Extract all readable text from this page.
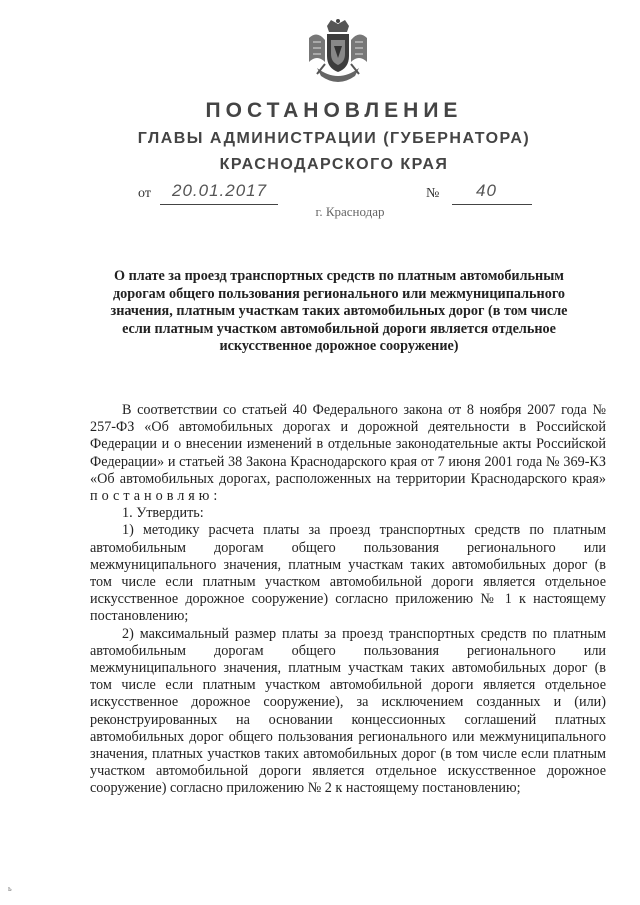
ПОСТАНОВЛЕНИЕ
ГЛАВЫ АДМИНИСТРАЦИИ (ГУБЕРНАТОРА)
КРАСНОДАРСКОГО КРАЯ
от 20.01.2017	№ 40
г. Краснодар
О плате за проезд транспортных средств по платным автомобильным дорогам общего пользования регионального или межмуниципального значения, платным участкам таких автомобильных дорог (в том числе если платным участком автомобильной дороги является отдельное искусственное дорожное сооружение)

В соответствии со статьей 40 Федерального закона от 8 ноября 2007 года № 257-ФЗ «Об автомобильных дорогах и дорожной деятельности в Российской Федерации и о внесении изменений в отдельные законодательные акты Российской Федерации» и статьей 38 Закона Краснодарского края от 7 июня 2001 года № 369-КЗ «Об автомобильных дорогах, расположенных на территории Краснодарского края» постановляю:

1. Утвердить:

1) методику расчета платы за проезд транспортных средств по платным автомобильным дорогам общего пользования регионального или межмуниципального значения, платным участкам таких автомобильных дорог (в том числе если платным участком автомобильной дороги является отдельное искусственное дорожное сооружение) согласно приложению № 1 к настоящему постановлению;

2) максимальный размер платы за проезд транспортных средств по платным автомобильным дорогам общего пользования регионального или межмуниципального значения, платным участкам таких автомобильных дорог (в том числе если платным участком автомобильной дороги является отдельное искусственное дорожное сооружение), за исключением созданных и (или) реконструированных на основании концессионных соглашений платных автомобильных дорог общего пользования регионального или межмуниципального значения, платных участков таких автомобильных дорог (в том числе если платным участком автомобильной дороги является отдельное искусственное дорожное сооружение) согласно приложению № 2 к настоящему постановлению;

ь
